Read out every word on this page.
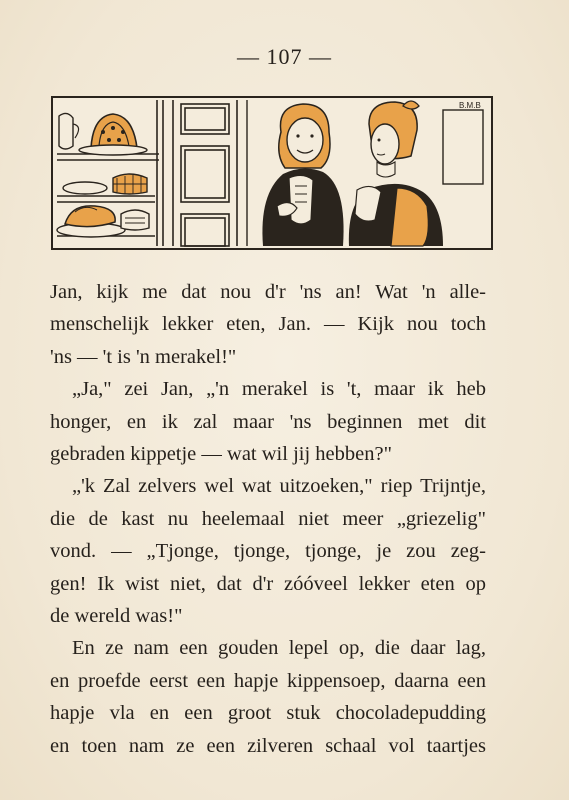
— 107 —
B.M.B

Jan, kijk me dat nou d'r 'ns an! Wat 'n alle-
menschelijk lekker eten, Jan. — Kijk nou toch
'ns — 't is 'n merakel!"

„Ja," zei Jan, „'n merakel is 't, maar ik heb
honger, en ik zal maar 'ns beginnen met dit
gebraden kippetje — wat wil jij hebben?"

„'k Zal zelvers wel wat uitzoeken," riep Trijntje,
die de kast nu heelemaal niet meer „griezelig"
vond. — „Tjonge, tjonge, tjonge, je zou zeg-
gen! Ik wist niet, dat d'r zóóveel lekker eten op
de wereld was!"

En ze nam een gouden lepel op, die daar lag,
en proefde eerst een hapje kippensoep, daarna een
hapje vla en een groot stuk chocoladepudding
en toen nam ze een zilveren schaal vol taartjes
